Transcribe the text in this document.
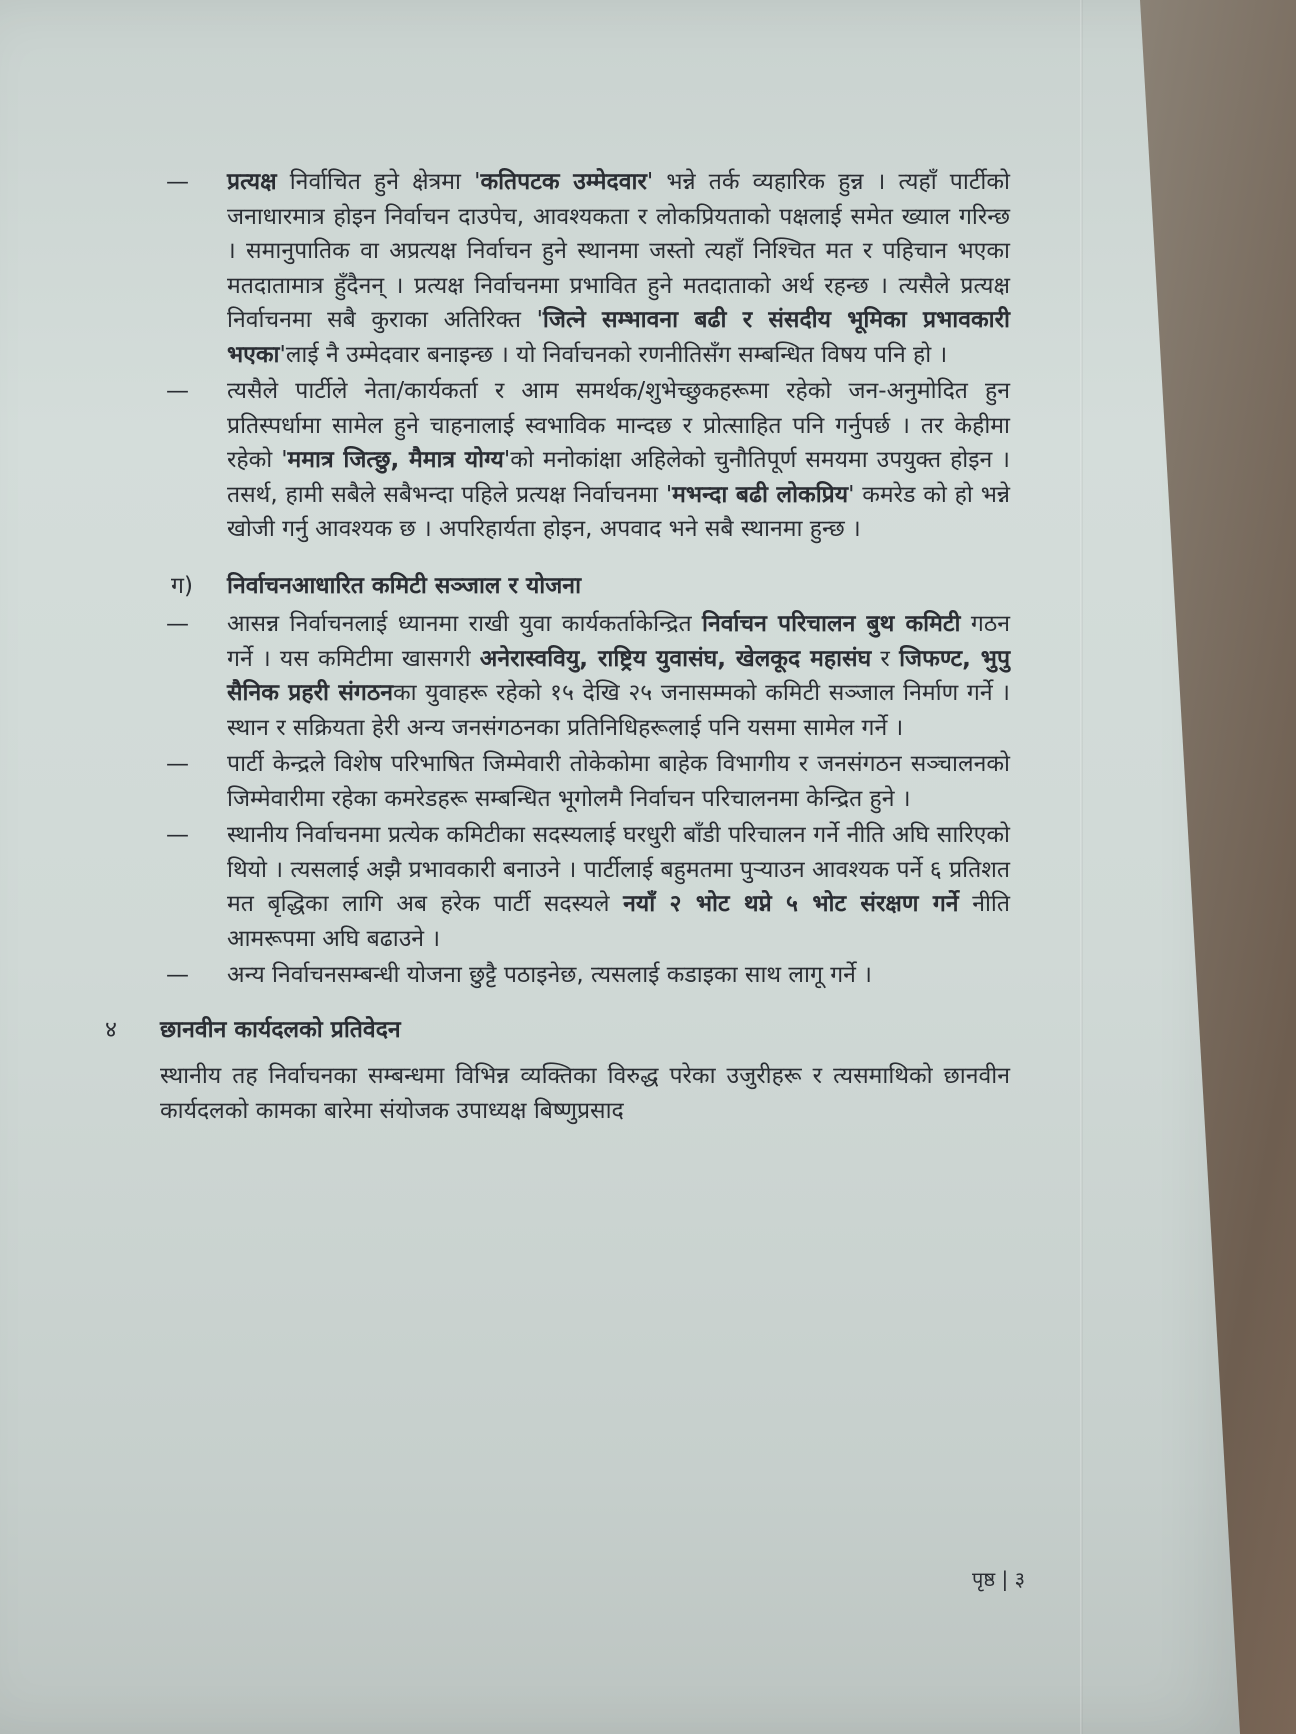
— प्रत्यक्ष निर्वाचित हुने क्षेत्रमा 'कतिपटक उम्मेदवार' भन्ने तर्क व्यहारिक हुन्न । त्यहाँ पार्टीको जनाधारमात्र होइन निर्वाचन दाउपेच, आवश्यकता र लोकप्रियताको पक्षलाई समेत ख्याल गरिन्छ । समानुपातिक वा अप्रत्यक्ष निर्वाचन हुने स्थानमा जस्तो त्यहाँ निश्चित मत र पहिचान भएका मतदातामात्र हुँदैनन् । प्रत्यक्ष निर्वाचनमा प्रभावित हुने मतदाताको अर्थ रहन्छ । त्यसैले प्रत्यक्ष निर्वाचनमा सबै कुराका अतिरिक्त 'जित्ने सम्भावना बढी र संसदीय भूमिका प्रभावकारी भएका'लाई नै उम्मेदवार बनाइन्छ । यो निर्वाचनको रणनीतिसँग सम्बन्धित विषय पनि हो ।
— त्यसैले पार्टीले नेता/कार्यकर्ता र आम समर्थक/शुभेच्छुकहरूमा रहेको जन-अनुमोदित हुन प्रतिस्पर्धामा सामेल हुने चाहनालाई स्वभाविक मान्दछ र प्रोत्साहित पनि गर्नुपर्छ । तर केहीमा रहेको 'ममात्र जित्छु, मैमात्र योग्य'को मनोकांक्षा अहिलेको चुनौतिपूर्ण समयमा उपयुक्त होइन । तसर्थ, हामी सबैले सबैभन्दा पहिले प्रत्यक्ष निर्वाचनमा 'मभन्दा बढी लोकप्रिय' कमरेड को हो भन्ने खोजी गर्नु आवश्यक छ । अपरिहार्यता होइन, अपवाद भने सबै स्थानमा हुन्छ ।
ग) निर्वाचनआधारित कमिटी सञ्जाल र योजना
— आसन्न निर्वाचनलाई ध्यानमा राखी युवा कार्यकर्ताकेन्द्रित निर्वाचन परिचालन बुथ कमिटी गठन गर्ने । यस कमिटीमा खासगरी अनेरास्ववियु, राष्ट्रिय युवासंघ, खेलकूद महासंघ र जिफण्ट, भुपु सैनिक प्रहरी संगठनका युवाहरू रहेको १५ देखि २५ जनासम्मको कमिटी सञ्जाल निर्माण गर्ने । स्थान र सक्रियता हेरी अन्य जनसंगठनका प्रतिनिधिहरूलाई पनि यसमा सामेल गर्ने ।
— पार्टी केन्द्रले विशेष परिभाषित जिम्मेवारी तोकेकोमा बाहेक विभागीय र जनसंगठन सञ्चालनको जिम्मेवारीमा रहेका कमरेडहरू सम्बन्धित भूगोलमै निर्वाचन परिचालनमा केन्द्रित हुने ।
— स्थानीय निर्वाचनमा प्रत्येक कमिटीका सदस्यलाई घरधुरी बाँडी परिचालन गर्ने नीति अघि सारिएको थियो । त्यसलाई अझै प्रभावकारी बनाउने । पार्टीलाई बहुमतमा पुऱ्याउन आवश्यक पर्ने ६ प्रतिशत मत बृद्धिका लागि अब हरेक पार्टी सदस्यले नयाँ २ भोट थप्ने ५ भोट संरक्षण गर्ने नीति आमरूपमा अघि बढाउने ।
— अन्य निर्वाचनसम्बन्धी योजना छुट्टै पठाइनेछ, त्यसलाई कडाइका साथ लागू गर्ने ।
४ छानवीन कार्यदलको प्रतिवेदन
स्थानीय तह निर्वाचनका सम्बन्धमा विभिन्न व्यक्तिका विरुद्ध परेका उजुरीहरू र त्यसमाथिको छानवीन कार्यदलको कामका बारेमा संयोजक उपाध्यक्ष बिष्णुप्रसाद
पृष्ठ | ३
